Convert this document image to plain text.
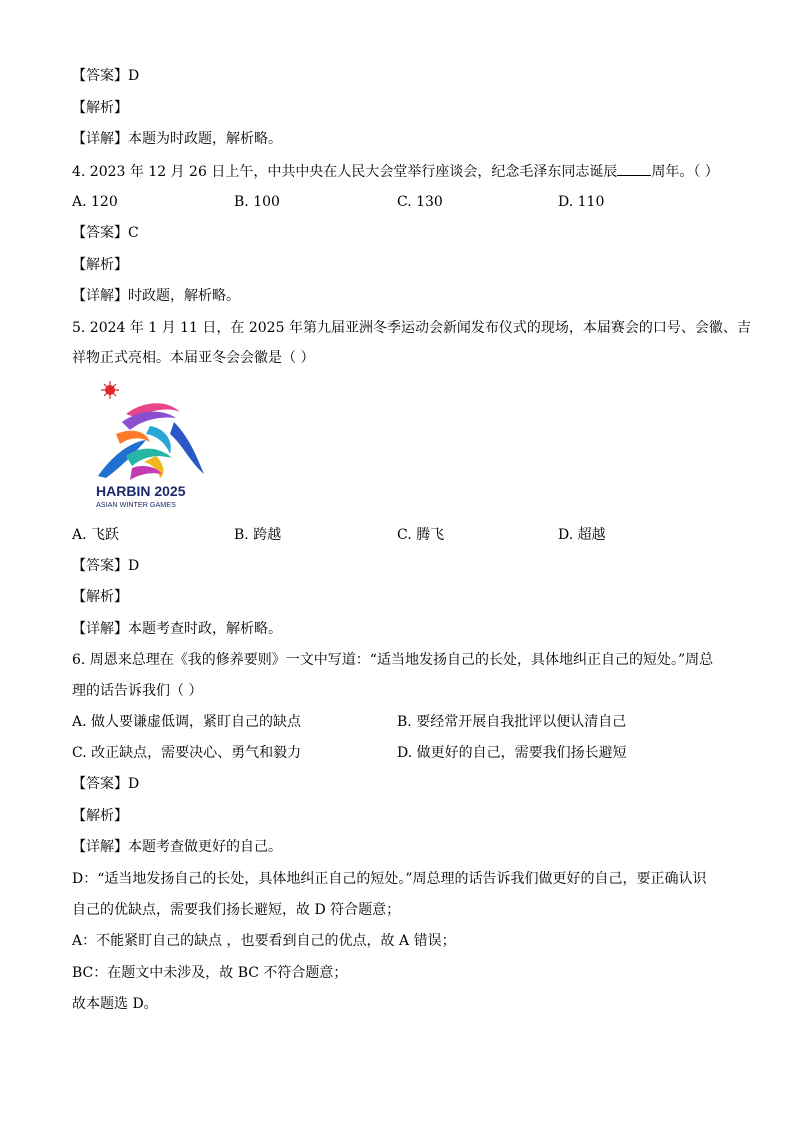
【答案】D
【解析】
【详解】本题为时政题，解析略。
4. 2023 年 12 月 26 日上午，中共中央在人民大会堂举行座谈会，纪念毛泽东同志诞辰 周年。（ ）
A. 120	B. 100	C. 130	D. 110
【答案】C
【解析】
【详解】时政题，解析略。
5. 2024 年 1 月 11 日，在 2025 年第九届亚洲冬季运动会新闻发布仪式的现场，本届赛会的口号、会徽、吉
祥物正式亮相。本届亚冬会会徽是（ ）
HARBIN 2025
ASIAN WINTER GAMES
A. 飞跃	B. 跨越	C. 腾飞	D. 超越
【答案】D
【解析】
【详解】本题考查时政，解析略。
6. 周恩来总理在《我的修养要则》一文中写道：“适当地发扬自己的长处，具体地纠正自己的短处。”周总
理的话告诉我们（ ）
A. 做人要谦虚低调，紧盯自己的缺点	B. 要经常开展自我批评以便认清自己
C. 改正缺点，需要决心、勇气和毅力	D. 做更好的自己，需要我们扬长避短
【答案】D
【解析】
【详解】本题考查做更好的自己。
D：“适当地发扬自己的长处，具体地纠正自己的短处。”周总理的话告诉我们做更好的自己，要正确认识
自己的优缺点，需要我们扬长避短，故 D 符合题意；
A：不能紧盯自己的缺点 ，也要看到自己的优点，故 A 错误；
BC：在题文中未涉及，故 BC 不符合题意；
故本题选 D。
